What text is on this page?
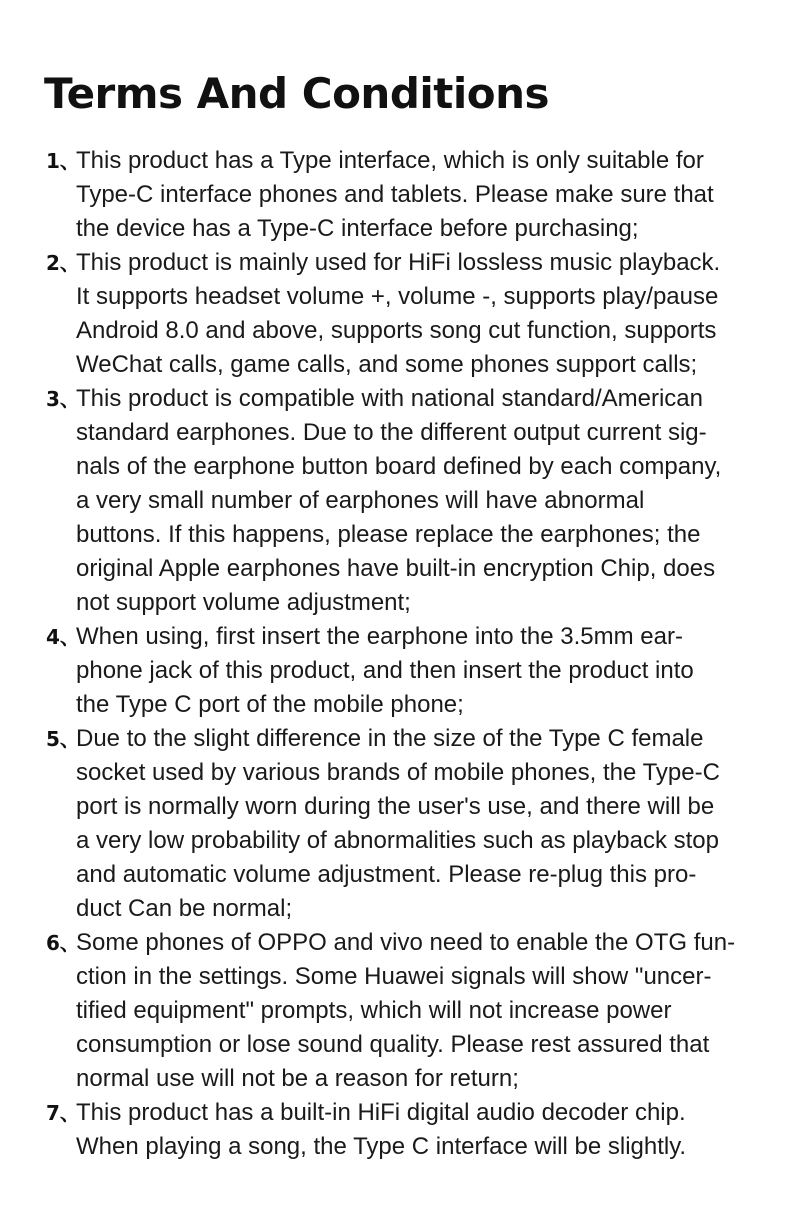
Terms And Conditions
1、
This product has a Type interface, which is only suitable for
Type-C interface phones and tablets. Please make sure that
the device has a Type-C interface before purchasing;
2、
This product is mainly used for HiFi lossless music playback.
It supports headset volume +, volume -, supports play/pause
Android 8.0 and above, supports song cut function, supports
WeChat calls, game calls, and some phones support calls;
3、
This product is compatible with national standard/American
standard earphones. Due to the different output current sig-
nals of the earphone button board defined by each company,
a very small number of earphones will have abnormal
buttons. If this happens, please replace the earphones; the
original Apple earphones have built-in encryption Chip, does
not support volume adjustment;
4、
When using, first insert the earphone into the 3.5mm ear-
phone jack of this product, and then insert the product into
the Type C port of the mobile phone;
5、
Due to the slight difference in the size of the Type C female
socket used by various brands of mobile phones, the Type-C
port is normally worn during the user's use, and there will be
a very low probability of abnormalities such as playback stop
and automatic volume adjustment. Please re-plug this pro-
duct Can be normal;
6、
Some phones of OPPO and vivo need to enable the OTG fun-
ction in the settings. Some Huawei signals will show "uncer-
tified equipment" prompts, which will not increase power
consumption or lose sound quality. Please rest assured that
normal use will not be a reason for return;
7、
This product has a built-in HiFi digital audio decoder chip.
When playing a song, the Type C interface will be slightly.
